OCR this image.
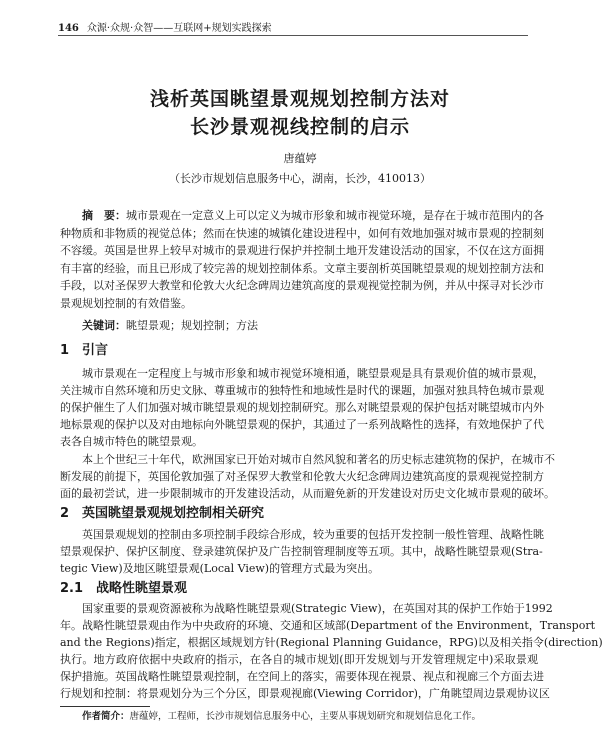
146 众源·众规·众智——互联网+规划实践探索
浅析英国眺望景观规划控制方法对
长沙景观视线控制的启示
唐蕴婷
（长沙市规划信息服务中心，湖南，长沙，410013）
摘　要：城市景观在一定意义上可以定义为城市形象和城市视觉环境，是存在于城市范围内的各
种物质和非物质的视觉总体；然而在快速的城镇化建设进程中，如何有效地加强对城市景观的控制刻
不容缓。英国是世界上较早对城市的景观进行保护并控制土地开发建设活动的国家，不仅在这方面拥
有丰富的经验，而且已形成了较完善的规划控制体系。文章主要剖析英国眺望景观的规划控制方法和
手段，以对圣保罗大教堂和伦敦大火纪念碑周边建筑高度的景观视觉控制为例，并从中探寻对长沙市
景观规划控制的有效借鉴。
关键词：眺望景观；规划控制；方法
1　引言
2　英国眺望景观规划控制相关研究
2.1　战略性眺望景观
城市景观在一定程度上与城市形象和城市视觉环境相通，眺望景观是具有景观价值的城市景观，
关注城市自然环境和历史文脉、尊重城市的独特性和地域性是时代的课题，加强对独具特色城市景观
的保护催生了人们加强对城市眺望景观的规划控制研究。那么对眺望景观的保护包括对眺望城市内外
地标景观的保护以及对由地标向外眺望景观的保护，其通过了一系列战略性的选择，有效地保护了代
表各自城市特色的眺望景观。
本上个世纪三十年代，欧洲国家已开始对城市自然风貌和著名的历史标志建筑物的保护，在城市不
断发展的前提下，英国伦敦加强了对圣保罗大教堂和伦敦大火纪念碑周边建筑高度的景观视觉控制方
面的最初尝试，进一步限制城市的开发建设活动，从而避免新的开发建设对历史文化城市景观的破坏。
英国景观规划的控制由多项控制手段综合形成，较为重要的包括开发控制一般性管理、战略性眺
望景观保护、保护区制度、登录建筑保护及广告控制管理制度等五项。其中，战略性眺望景观(Stra-
tegic View)及地区眺望景观(Local View)的管理方式最为突出。
国家重要的景观资源被称为战略性眺望景观(Strategic View)，在英国对其的保护工作始于1992
年。战略性眺望景观由作为中央政府的环境、交通和区域部(Department of the Environment，Transport
and the Regions)指定，根据区域规划方针(Regional Planning Guidance，RPG)以及相关指令(direction)
执行。地方政府依据中央政府的指示，在各自的城市规划(即开发规划与开发管理规定中)采取景观
保护措施。英国战略性眺望景观控制，在空间上的落实，需要体现在视景、视点和视廊三个方面去进
行规划和控制：将景观划分为三个分区，即景观视廊(Viewing Corridor)，广角眺望周边景观协议区
作者简介：唐蕴婷，工程师，长沙市规划信息服务中心，主要从事规划研究和规划信息化工作。
